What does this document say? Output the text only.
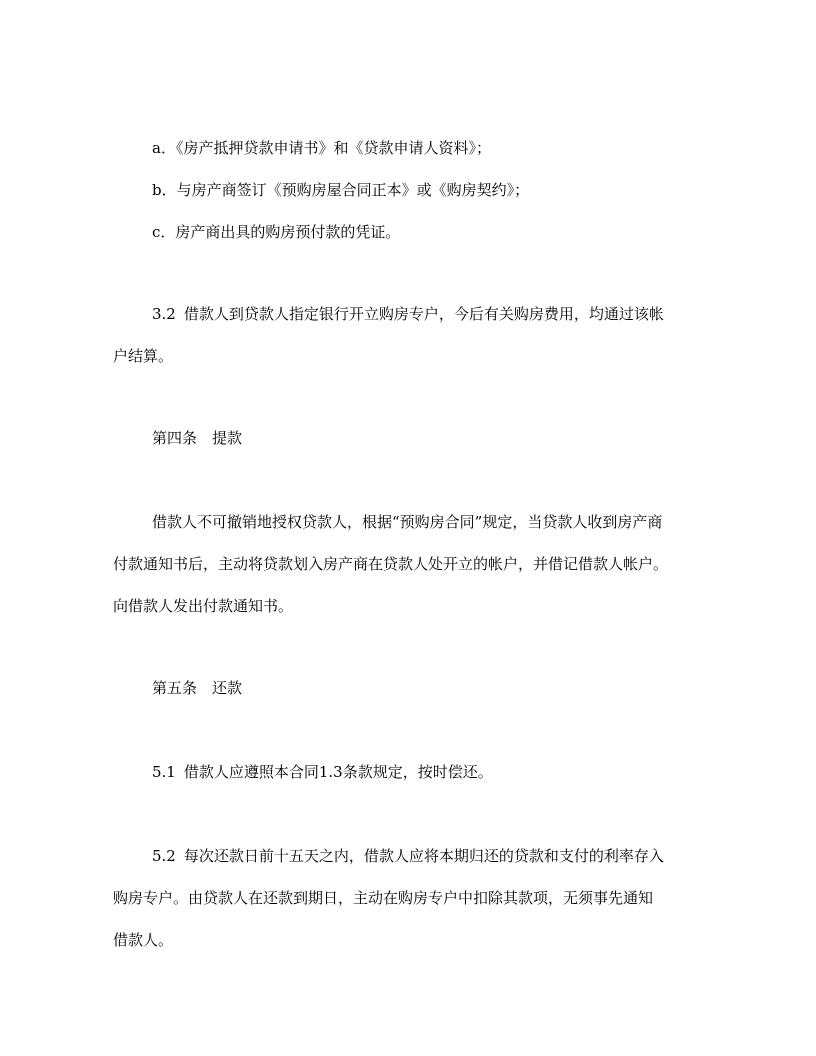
a．《房产抵押贷款申请书》和《贷款申请人资料》；

b．与房产商签订《预购房屋合同正本》或《购房契约》；

c．房产商出具的购房预付款的凭证。

3.2 借款人到贷款人指定银行开立购房专户，今后有关购房费用，均通过该帐

户结算。

第四条　提款

借款人不可撤销地授权贷款人，根据“预购房合同”规定，当贷款人收到房产商

付款通知书后，主动将贷款划入房产商在贷款人处开立的帐户，并借记借款人帐户。

向借款人发出付款通知书。

第五条　还款

5.1 借款人应遵照本合同1.3条款规定，按时偿还。

5.2 每次还款日前十五天之内，借款人应将本期归还的贷款和支付的利率存入

购房专户。由贷款人在还款到期日，主动在购房专户中扣除其款项，无须事先通知

借款人。
